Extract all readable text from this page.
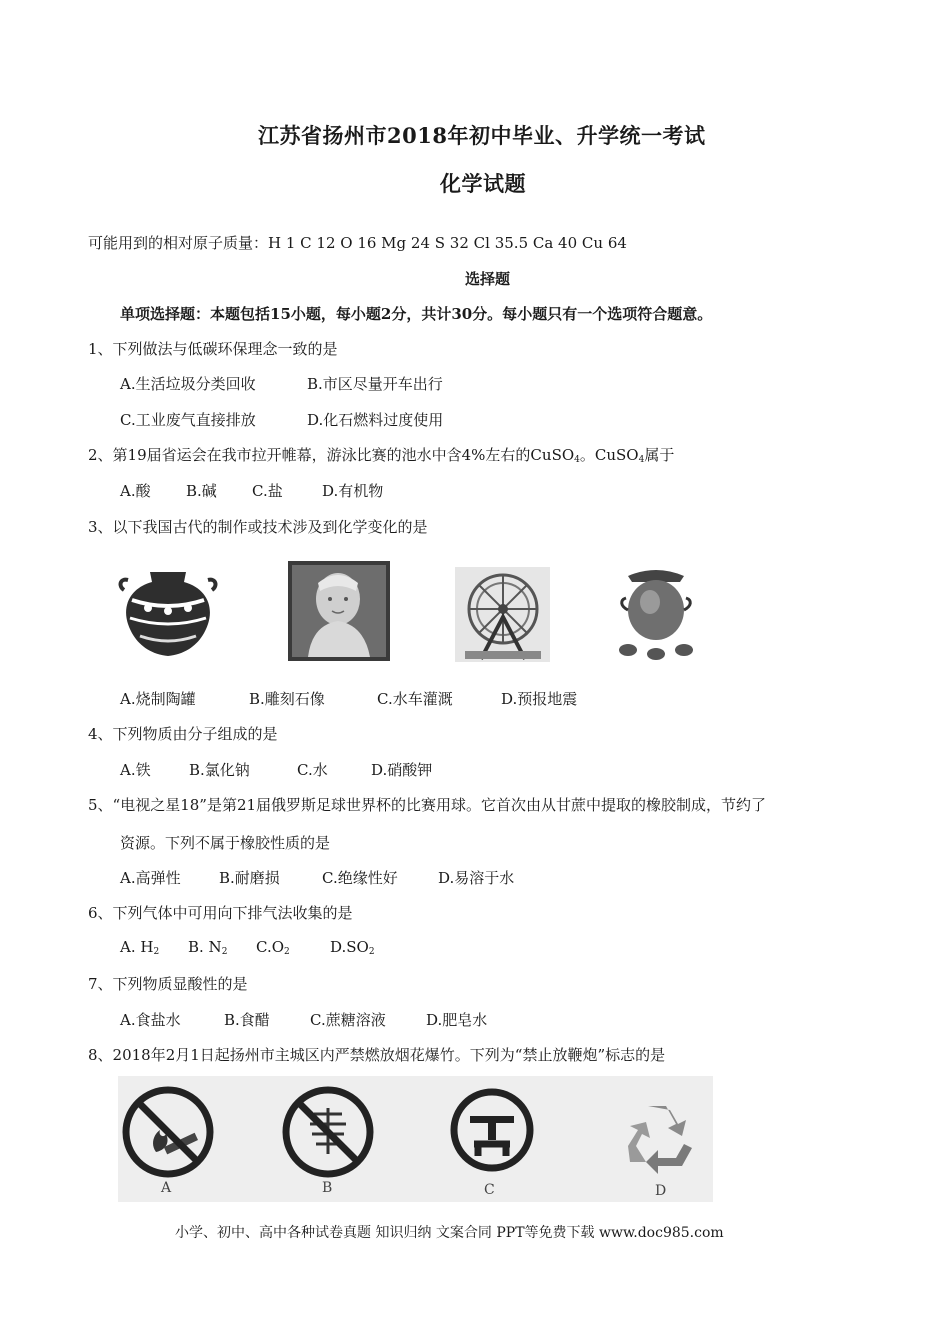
江苏省扬州市2018年初中毕业、升学统一考试
化学试题
可能用到的相对原子质量：H 1 C 12 O 16 Mg 24 S 32 Cl 35.5 Ca 40 Cu 64
选择题
单项选择题：本题包括15小题，每小题2分，共计30分。每小题只有一个选项符合题意。
1、下列做法与低碳环保理念一致的是
A.生活垃圾分类回收	B.市区尽量开车出行
C.工业废气直接排放	D.化石燃料过度使用
2、第19届省运会在我市拉开帷幕，游泳比赛的池水中含4%左右的CuSO$_4$。CuSO$_4$属于
A.酸 B.碱 C.盐	D.有机物
3、以下我国古代的制作或技术涉及到化学变化的是
A.烧制陶罐	B.雕刻石像	C.水车灌溉	D.预报地震
4、下列物质由分子组成的是
A.铁	B.氯化钠	C.水	D.硝酸钾
5、“电视之星18”是第21届俄罗斯足球世界杯的比赛用球。它首次由从甘蔗中提取的橡胶制成，节约了
资源。下列不属于橡胶性质的是
A.高弹性	B.耐磨损	C.绝缘性好	D.易溶于水
6、下列气体中可用向下排气法收集的是
A. $H_2$ B. $N_2$ $C.O_2$	$D.SO_2$
7、下列物质显酸性的是
A.食盐水	B.食醋	C.蔗糖溶液	D.肥皂水
8、2018年2月1日起扬州市主城区内严禁燃放烟花爆竹。下列为“禁止放鞭炮”标志的是
A	B	C	D
小学、初中、高中各种试卷真题 知识归纳 文案合同 PPT等免费下载 www.doc985.com
